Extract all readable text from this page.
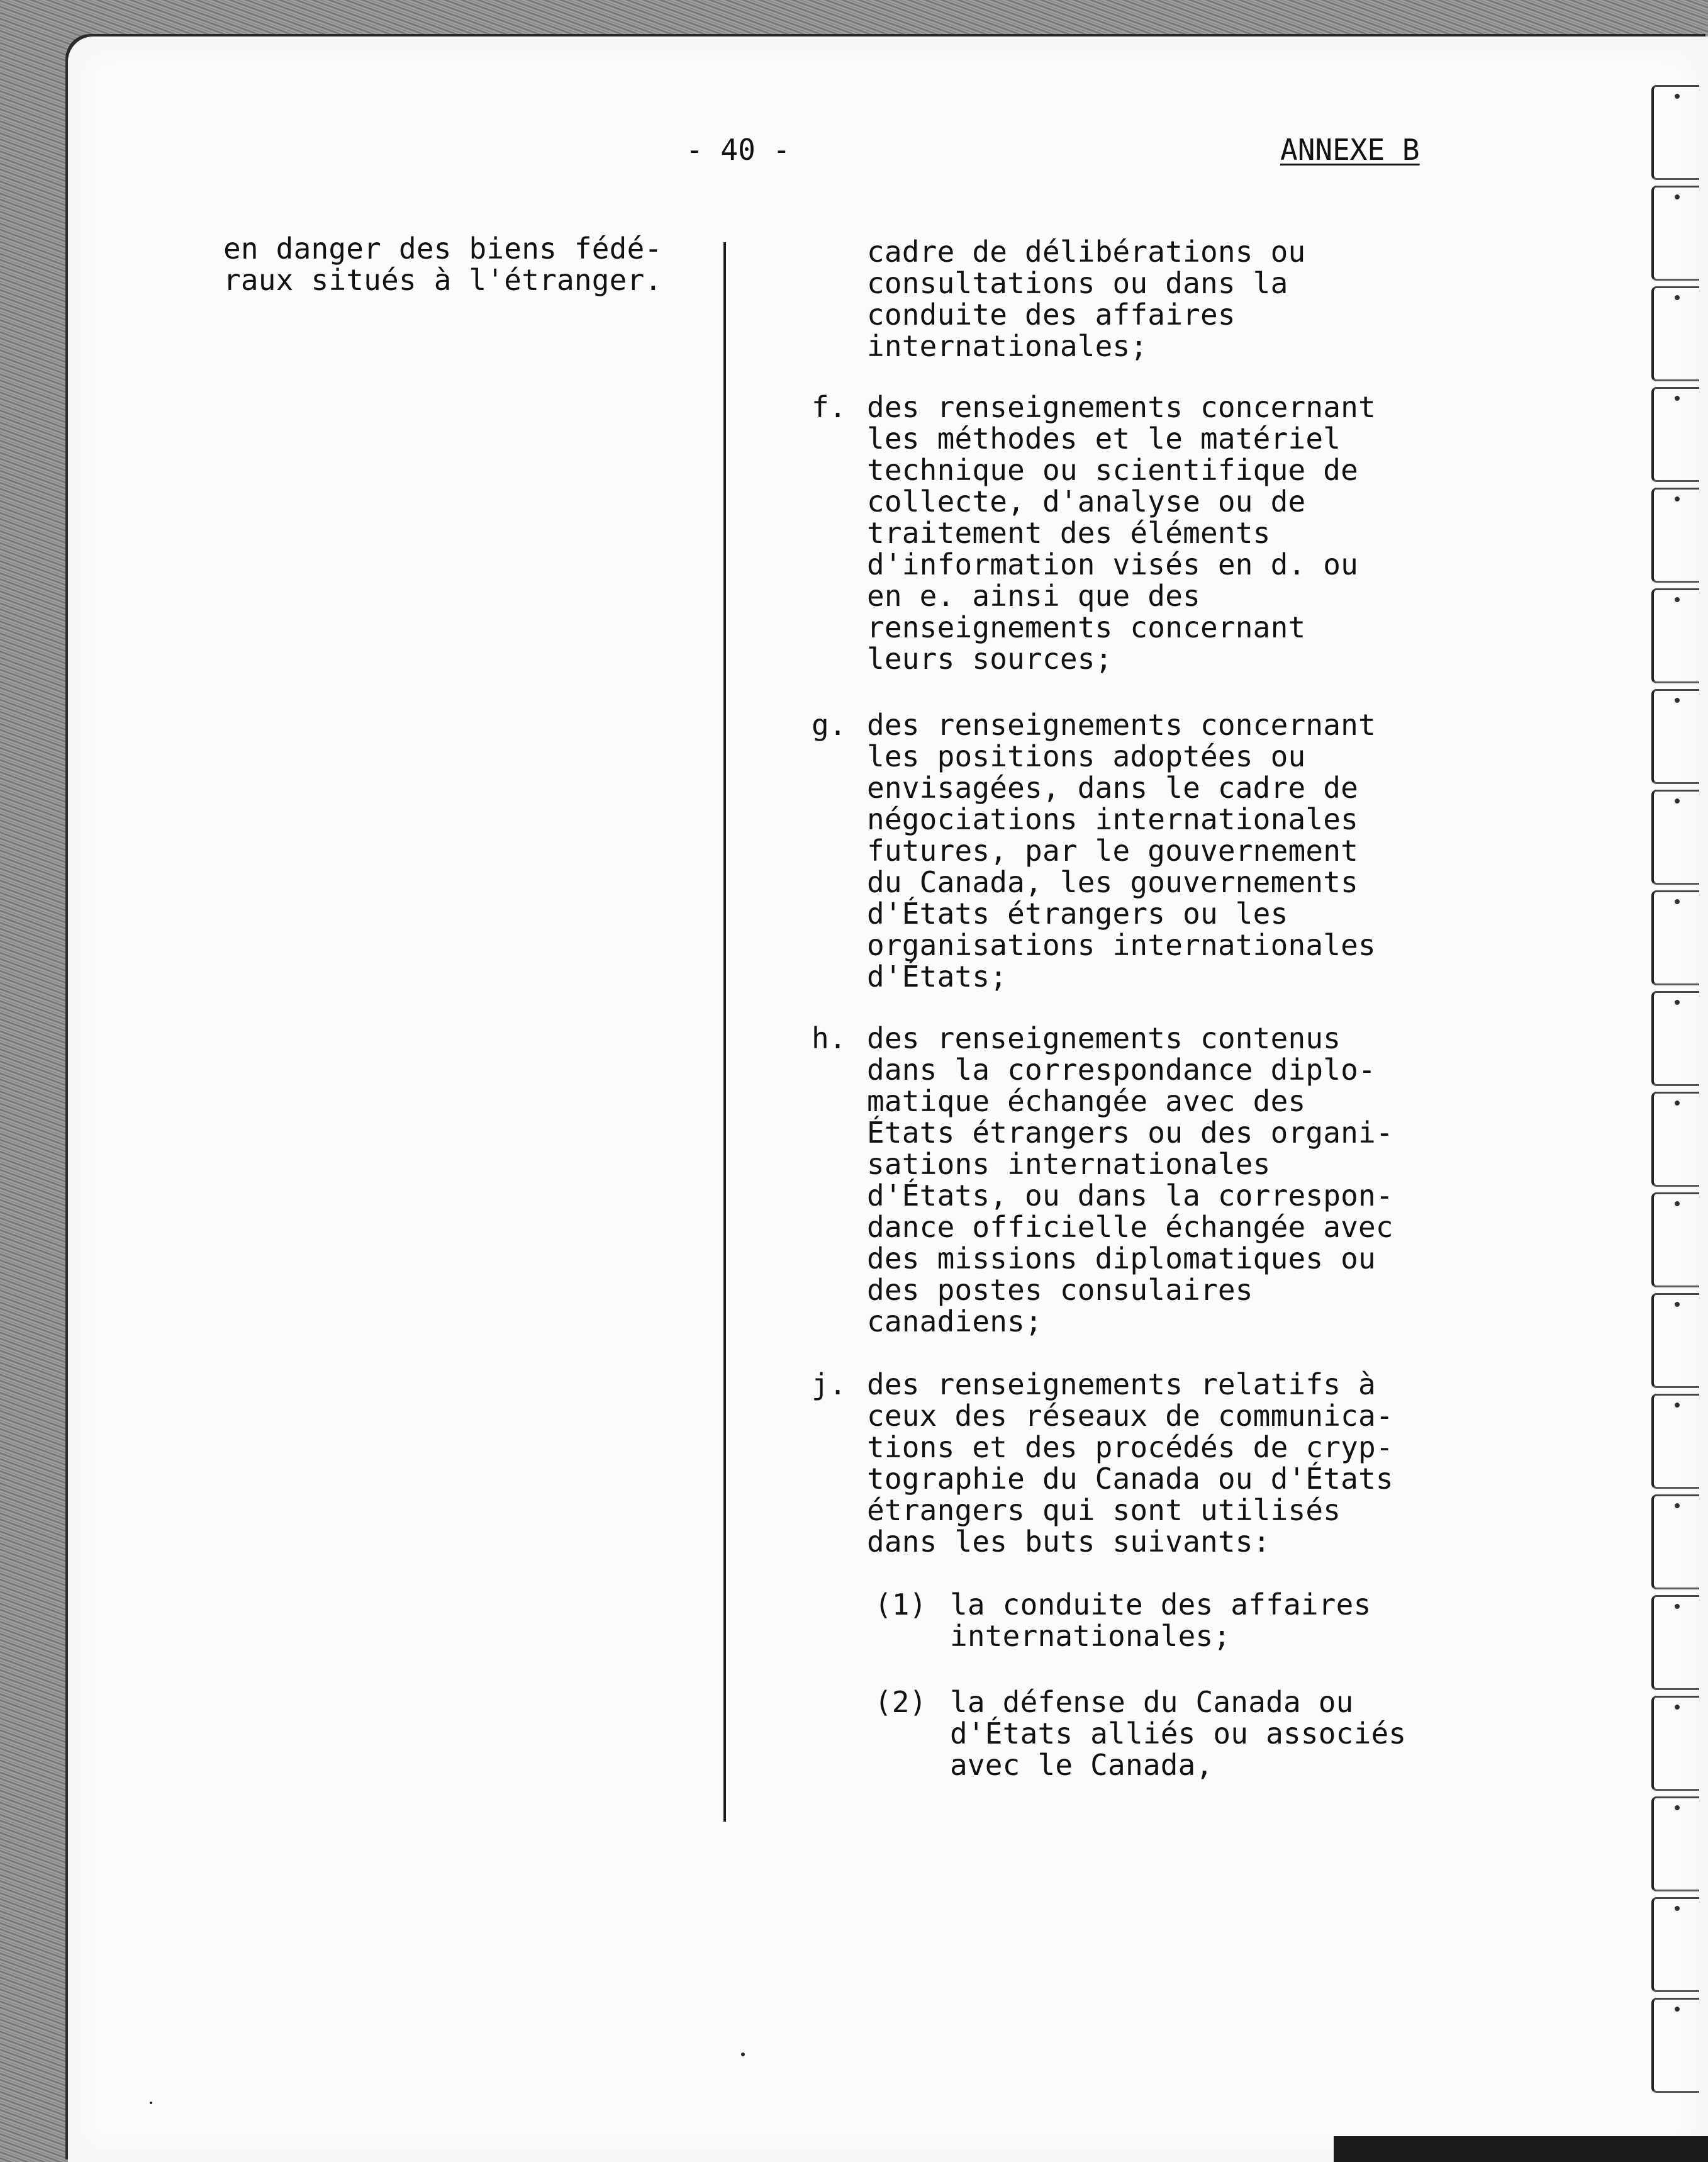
- 40 -	ANNEXE B
en danger des biens fédé-
raux situés à l'étranger.
cadre de délibérations ou
consultations ou dans la
conduite des affaires
internationales;
f. des renseignements concernant
les méthodes et le matériel
technique ou scientifique de
collecte, d'analyse ou de
traitement des éléments
d'information visés en d. ou
en e. ainsi que des
renseignements concernant
leurs sources;
g. des renseignements concernant
les positions adoptées ou
envisagées, dans le cadre de
négociations internationales
futures, par le gouvernement
du Canada, les gouvernements
d'États étrangers ou les
organisations internationales
d'États;
h. des renseignements contenus
dans la correspondance diplo-
matique échangée avec des
États étrangers ou des organi-
sations internationales
d'États, ou dans la correspon-
dance officielle échangée avec
des missions diplomatiques ou
des postes consulaires
canadiens;
j. des renseignements relatifs à
ceux des réseaux de communica-
tions et des procédés de cryp-
tographie du Canada ou d'États
étrangers qui sont utilisés
dans les buts suivants:
(1) la conduite des affaires
internationales;
(2) la défense du Canada ou
d'États alliés ou associés
avec le Canada,
